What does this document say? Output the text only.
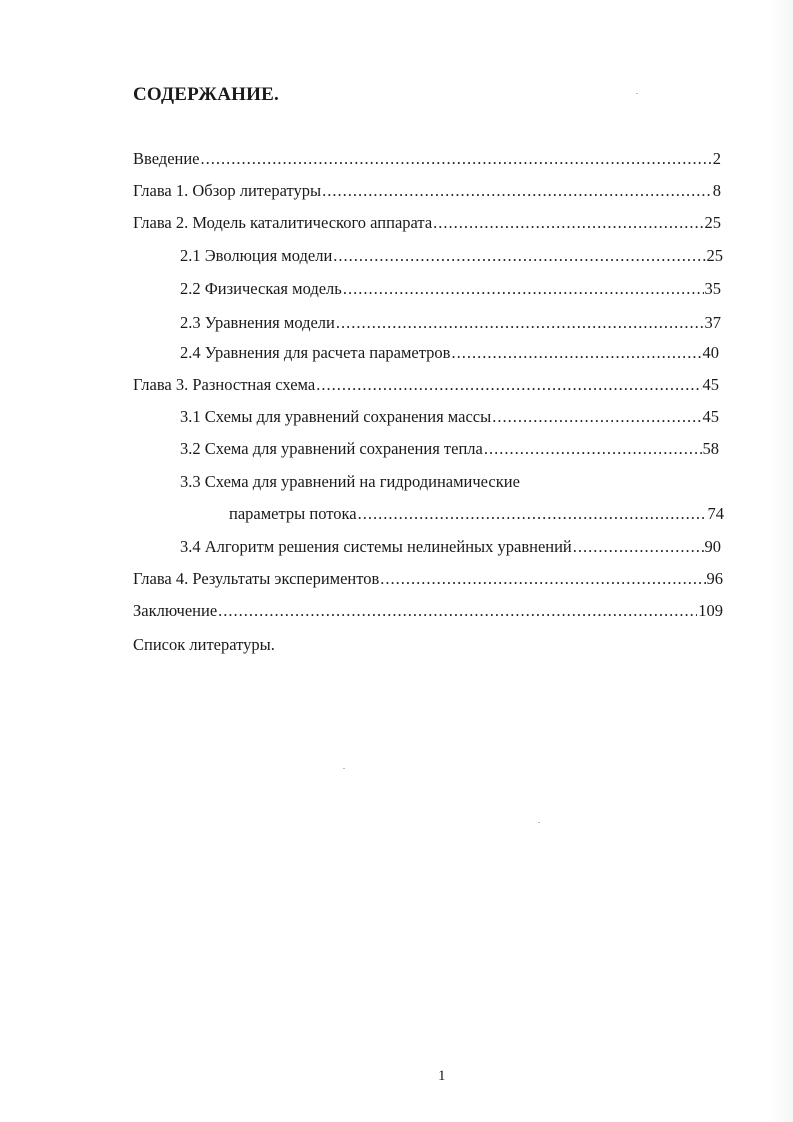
СОДЕРЖАНИЕ.
Введение .....	2
Глава 1. Обзор литературы .....	8
Глава 2. Модель каталитического аппарата .....	25
2.1 Эволюция модели .....	25
2.2 Физическая модель .....	35
2.3 Уравнения модели .....	37
2.4 Уравнения для расчета параметров .....	40
Глава 3. Разностная схема .....	45
3.1 Схемы для уравнений сохранения массы .....	45
3.2 Схема для уравнений сохранения тепла .....	58
3.3 Схема для уравнений на гидродинамические
параметры потока .....	74
3.4 Алгоритм решения системы нелинейных уравнений .....	90
Глава 4. Результаты экспериментов .....	96
Заключение .....	109
Список литературы.
1
